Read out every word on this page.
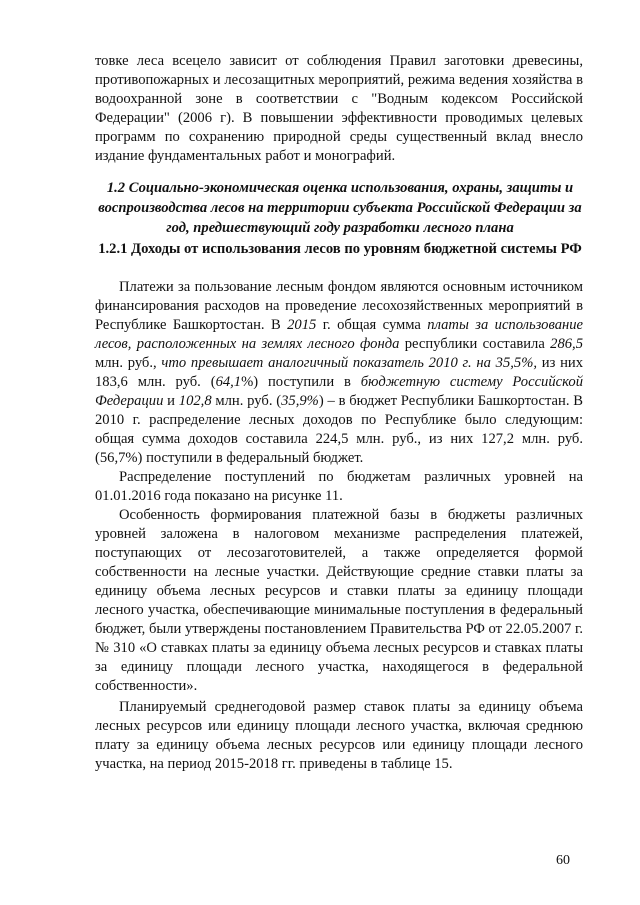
товке леса всецело зависит от соблюдения Правил заготовки древесины, противопожарных и лесозащитных мероприятий, режима ведения хозяйства в водоохранной зоне в соответствии с "Водным кодексом Российской Федерации" (2006 г). В повышении эффективности проводимых целевых программ по сохранению природной среды существенный вклад внесло издание фундаментальных работ и монографий.

1.2 Социально-экономическая оценка использования, охраны, защиты и воспроизводства лесов на территории субъекта Российской Федерации за год, предшествующий году разработки лесного плана
1.2.1 Доходы от использования лесов по уровням бюджетной системы РФ

Платежи за пользование лесным фондом являются основным источником финансирования расходов на проведение лесохозяйственных мероприятий в Республике Башкортостан. В 2015 г. общая сумма платы за использование лесов, расположенных на землях лесного фонда республики составила 286,5 млн. руб., что превышает аналогичный показатель 2010 г. на 35,5%, из них 183,6 млн. руб. (64,1%) поступили в бюджетную систему Российской Федерации и 102,8 млн. руб. (35,9%) – в бюджет Республики Башкортостан. В 2010 г. распределение лесных доходов по Республике было следующим: общая сумма доходов составила 224,5 млн. руб., из них 127,2 млн. руб. (56,7%) поступили в федеральный бюджет.

Распределение поступлений по бюджетам различных уровней на 01.01.2016 года показано на рисунке 11.

Особенность формирования платежной базы в бюджеты различных уровней заложена в налоговом механизме распределения платежей, поступающих от лесозаготовителей, а также определяется формой собственности на лесные участки. Действующие средние ставки платы за единицу объема лесных ресурсов и ставки платы за единицу площади лесного участка, обеспечивающие минимальные поступления в федеральный бюджет, были утверждены постановлением Правительства РФ от 22.05.2007 г. № 310 «О ставках платы за единицу объема лесных ресурсов и ставках платы за единицу площади лесного участка, находящегося в федеральной собственности».

Планируемый среднегодовой размер ставок платы за единицу объема лесных ресурсов или единицу площади лесного участка, включая среднюю плату за единицу объема лесных ресурсов или единицу площади лесного участка, на период 2015-2018 гг. приведены в таблице 15.

60
